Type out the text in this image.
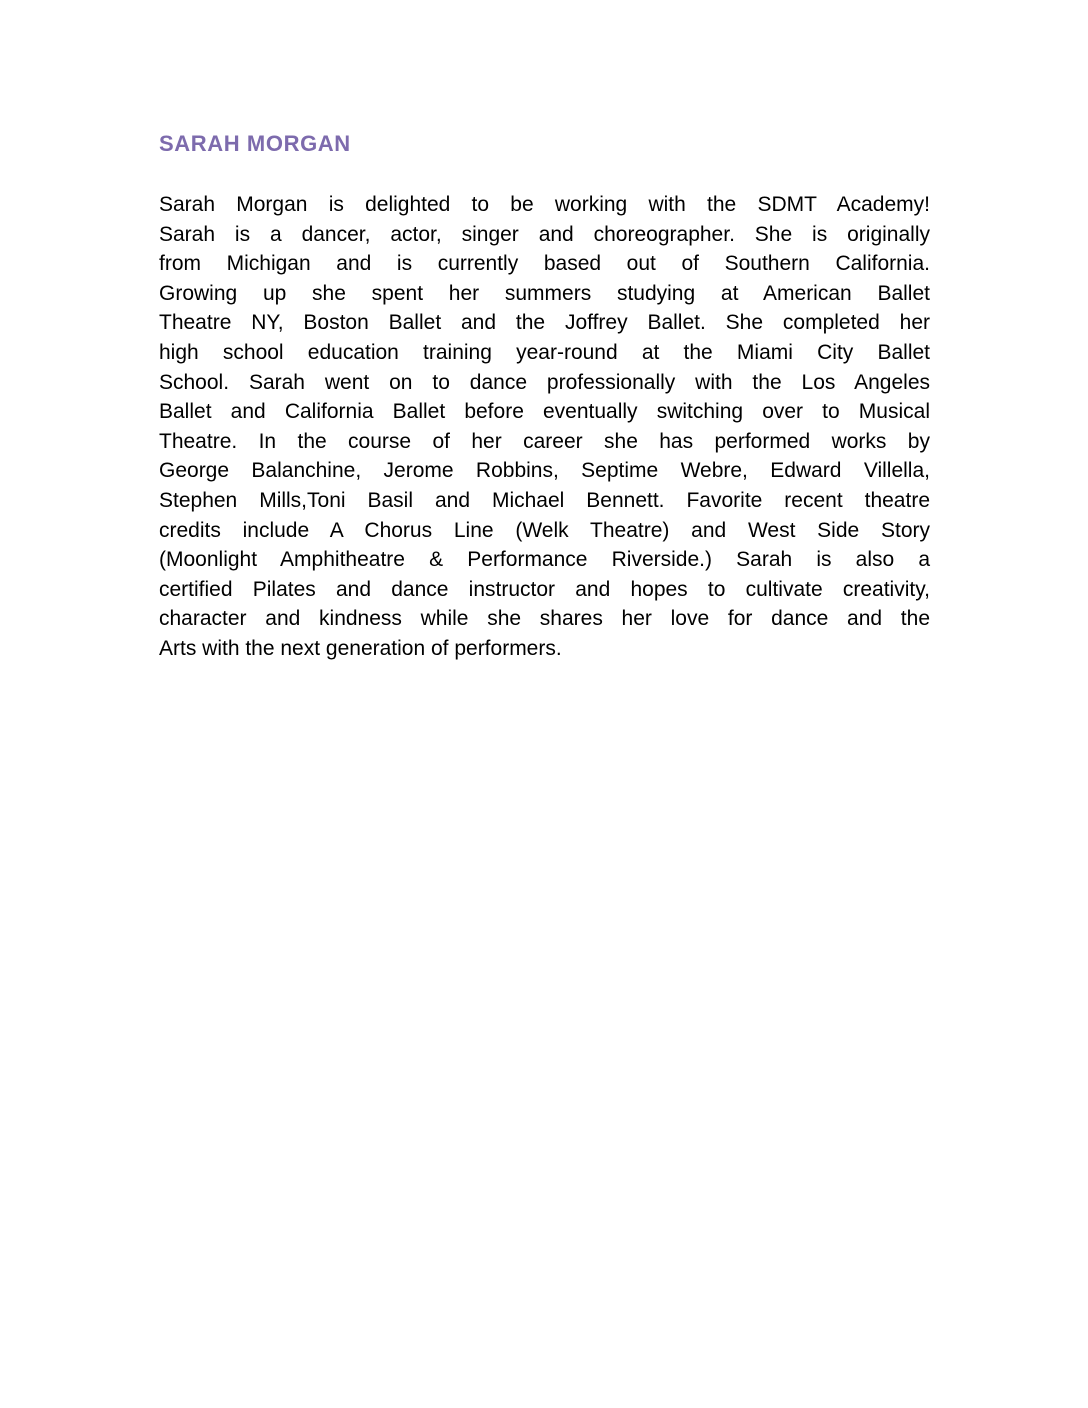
SARAH MORGAN
Sarah Morgan is delighted to be working with the SDMT Academy!
Sarah is a dancer, actor, singer and choreographer. She is originally
from Michigan and is currently based out of Southern California.
Growing up she spent her summers studying at American Ballet
Theatre NY, Boston Ballet and the Joffrey Ballet. She completed her
high school education training year-round at the Miami City Ballet
School. Sarah went on to dance professionally with the Los Angeles
Ballet and California Ballet before eventually switching over to Musical
Theatre. In the course of her career she has performed works by
George Balanchine, Jerome Robbins, Septime Webre, Edward Villella,
Stephen Mills,Toni Basil and Michael Bennett. Favorite recent theatre
credits include A Chorus Line (Welk Theatre) and West Side Story
(Moonlight Amphitheatre & Performance Riverside.) Sarah is also a
certified Pilates and dance instructor and hopes to cultivate creativity,
character and kindness while she shares her love for dance and the
Arts with the next generation of performers.
